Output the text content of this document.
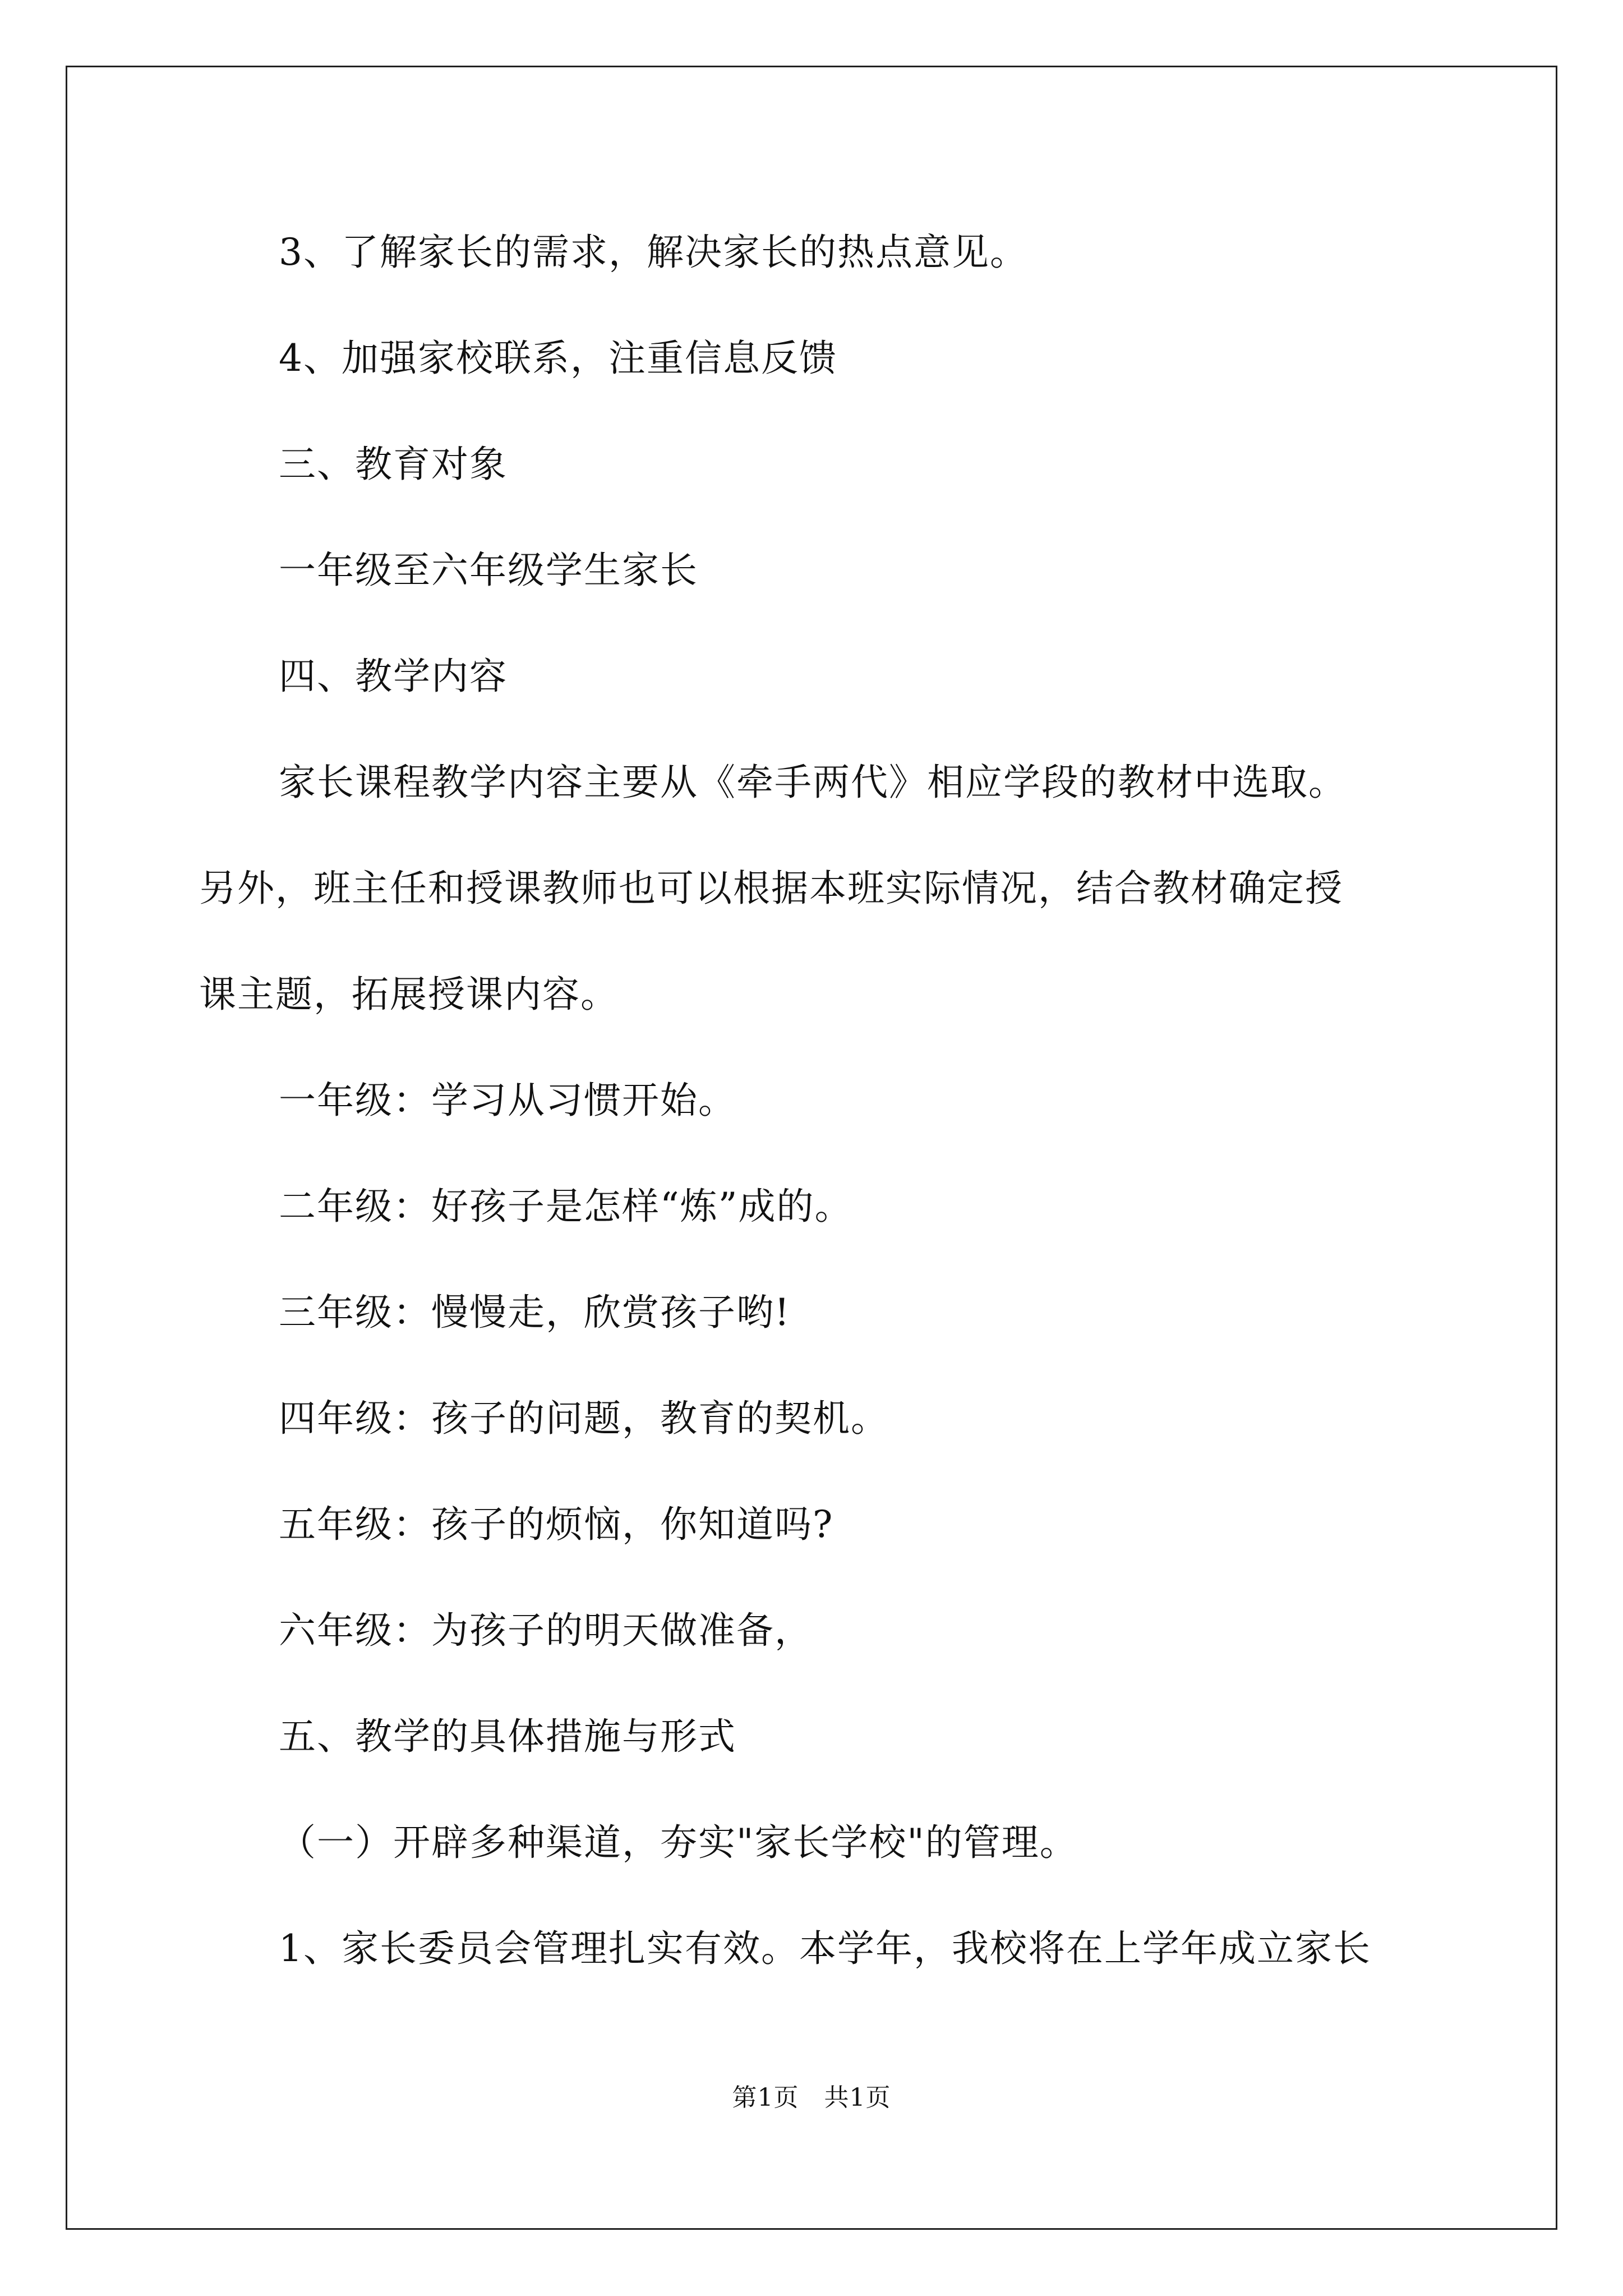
3、了解家长的需求，解决家长的热点意见。
4、加强家校联系，注重信息反馈
三、教育对象
一年级至六年级学生家长
四、教学内容
家长课程教学内容主要从《牵手两代》相应学段的教材中选取。
另外，班主任和授课教师也可以根据本班实际情况，结合教材确定授
课主题，拓展授课内容。
一年级：学习从习惯开始。
二年级：好孩子是怎样“炼”成的。
三年级：慢慢走，欣赏孩子哟!
四年级：孩子的问题，教育的契机。
五年级：孩子的烦恼，你知道吗?
六年级：为孩子的明天做准备，
五、教学的具体措施与形式
（一）开辟多种渠道，夯实"家长学校"的管理。
1、家长委员会管理扎实有效。本学年，我校将在上学年成立家长
第1页　共1页
